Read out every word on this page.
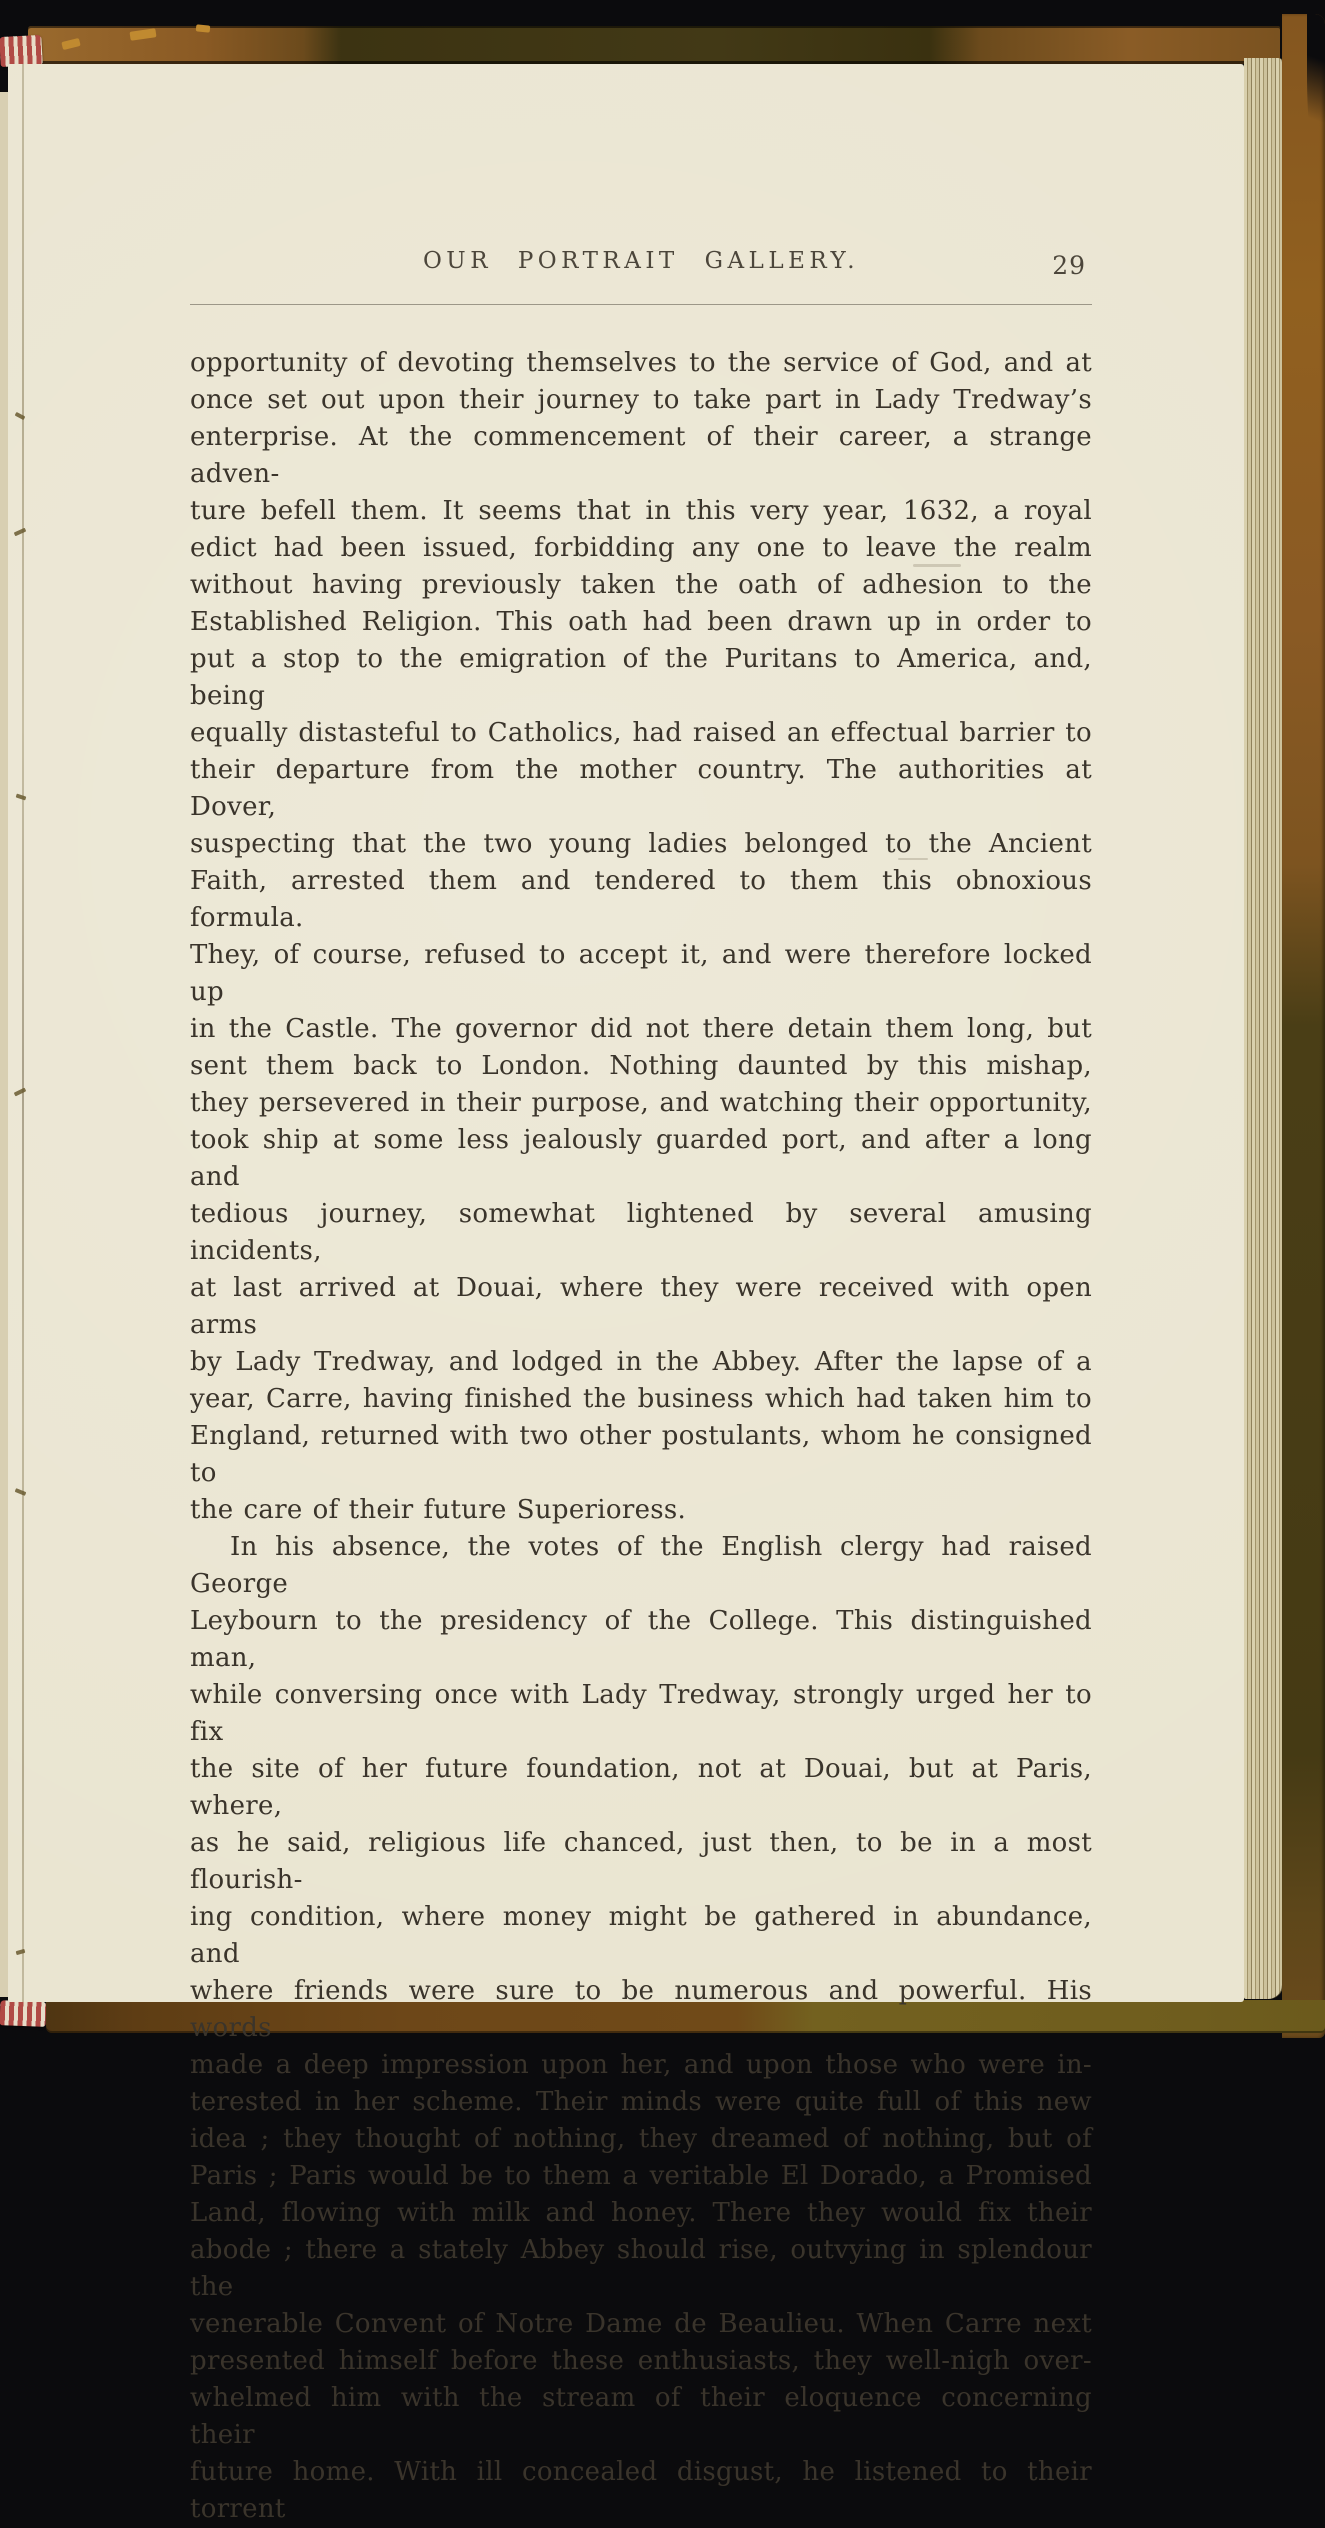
OUR PORTRAIT GALLERY.	29
opportunity of devoting themselves to the service of God, and at
once set out upon their journey to take part in Lady Tredway’s
enterprise. At the commencement of their career, a strange adven-
ture befell them. It seems that in this very year, 1632, a royal
edict had been issued, forbidding any one to leave the realm
without having previously taken the oath of adhesion to the
Established Religion. This oath had been drawn up in order to
put a stop to the emigration of the Puritans to America, and, being
equally distasteful to Catholics, had raised an effectual barrier to
their departure from the mother country. The authorities at Dover,
suspecting that the two young ladies belonged to the Ancient
Faith, arrested them and tendered to them this obnoxious formula.
They, of course, refused to accept it, and were therefore locked up
in the Castle. The governor did not there detain them long, but
sent them back to London. Nothing daunted by this mishap,
they persevered in their purpose, and watching their opportunity,
took ship at some less jealously guarded port, and after a long and
tedious journey, somewhat lightened by several amusing incidents,
at last arrived at Douai, where they were received with open arms
by Lady Tredway, and lodged in the Abbey. After the lapse of a
year, Carre, having finished the business which had taken him to
England, returned with two other postulants, whom he consigned to
the care of their future Superioress.
In his absence, the votes of the English clergy had raised George
Leybourn to the presidency of the College. This distinguished man,
while conversing once with Lady Tredway, strongly urged her to fix
the site of her future foundation, not at Douai, but at Paris, where,
as he said, religious life chanced, just then, to be in a most flourish-
ing condition, where money might be gathered in abundance, and
where friends were sure to be numerous and powerful. His words
made a deep impression upon her, and upon those who were in-
terested in her scheme. Their minds were quite full of this new
idea ; they thought of nothing, they dreamed of nothing, but of
Paris ; Paris would be to them a veritable El Dorado, a Promised
Land, flowing with milk and honey. There they would fix their
abode ; there a stately Abbey should rise, outvying in splendour the
venerable Convent of Notre Dame de Beaulieu. When Carre next
presented himself before these enthusiasts, they well-nigh over-
whelmed him with the stream of their eloquence concerning their
future home. With ill concealed disgust, he listened to their torrent
